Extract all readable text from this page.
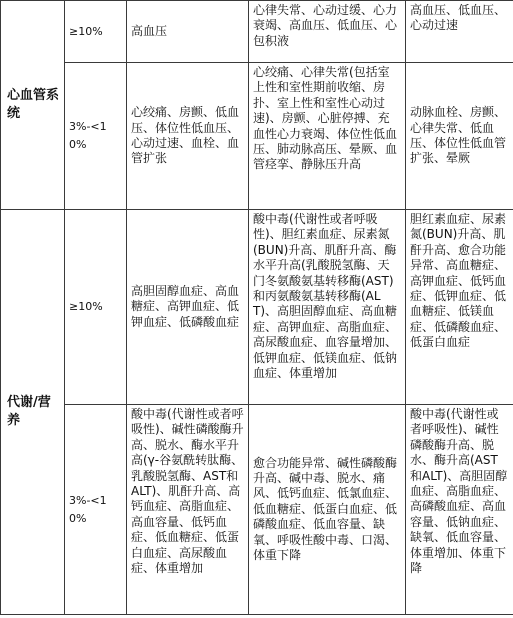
心血管系统	≥10%	高血压	心律失常、心动过缓、心力衰竭、高血压、低血压、心包积液	高血压、低血压、心动过速
	3%-<10%	心绞痛、房颤、低血压、体位性低血压、心动过速、血栓、血管扩张	心绞痛、心律失常(包括室上性和室性期前收缩、房扑、室上性和室性心动过速)、房颤、心脏停搏、充血性心力衰竭、体位性低血压、肺动脉高压、晕厥、血管痉挛、静脉压升高	动脉血栓、房颤、心律失常、低血压、体位性低血管扩张、晕厥
代谢/营养	≥10%	高胆固醇血症、高血糖症、高钾血症、低钾血症、低磷酸血症	酸中毒(代谢性或者呼吸性)、胆红素血症、尿素氮(BUN)升高、肌酐升高、酶水平升高(乳酸脱氢酶、天门冬氨酸氨基转移酶(AST)和丙氨酸氨基转移酶(ALT)、高胆固醇血症、高血糖症、高钾血症、高脂血症、高尿酸血症、血容量增加、低钾血症、低镁血症、低钠血症、体重增加	胆红素血症、尿素氮(BUN)升高、肌酐升高、愈合功能异常、高血糖症、高钾血症、低钙血症、低钾血症、低血糖症、低镁血症、低磷酸血症、低蛋白血症
	3%-<10%	酸中毒(代谢性或者呼吸性)、碱性磷酸酶升高、脱水、酶水平升高(γ-谷氨酰转肽酶、乳酸脱氢酶、AST和ALT)、肌酐升高、高钙血症、高脂血症、高血容量、低钙血症、低血糖症、低蛋白血症、高尿酸血症、体重增加	愈合功能异常、碱性磷酸酶升高、碱中毒、脱水、痛风、低钙血症、低氯血症、低血糖症、低蛋白血症、低磷酸血症、低血容量、缺氧、呼吸性酸中毒、口渴、体重下降	酸中毒(代谢性或者呼吸性)、碱性磷酸酶升高、脱水、酶升高(AST和ALT)、高胆固醇血症、高脂血症、高磷酸血症、高血容量、低钠血症、缺氧、低血容量、体重增加、体重下降
